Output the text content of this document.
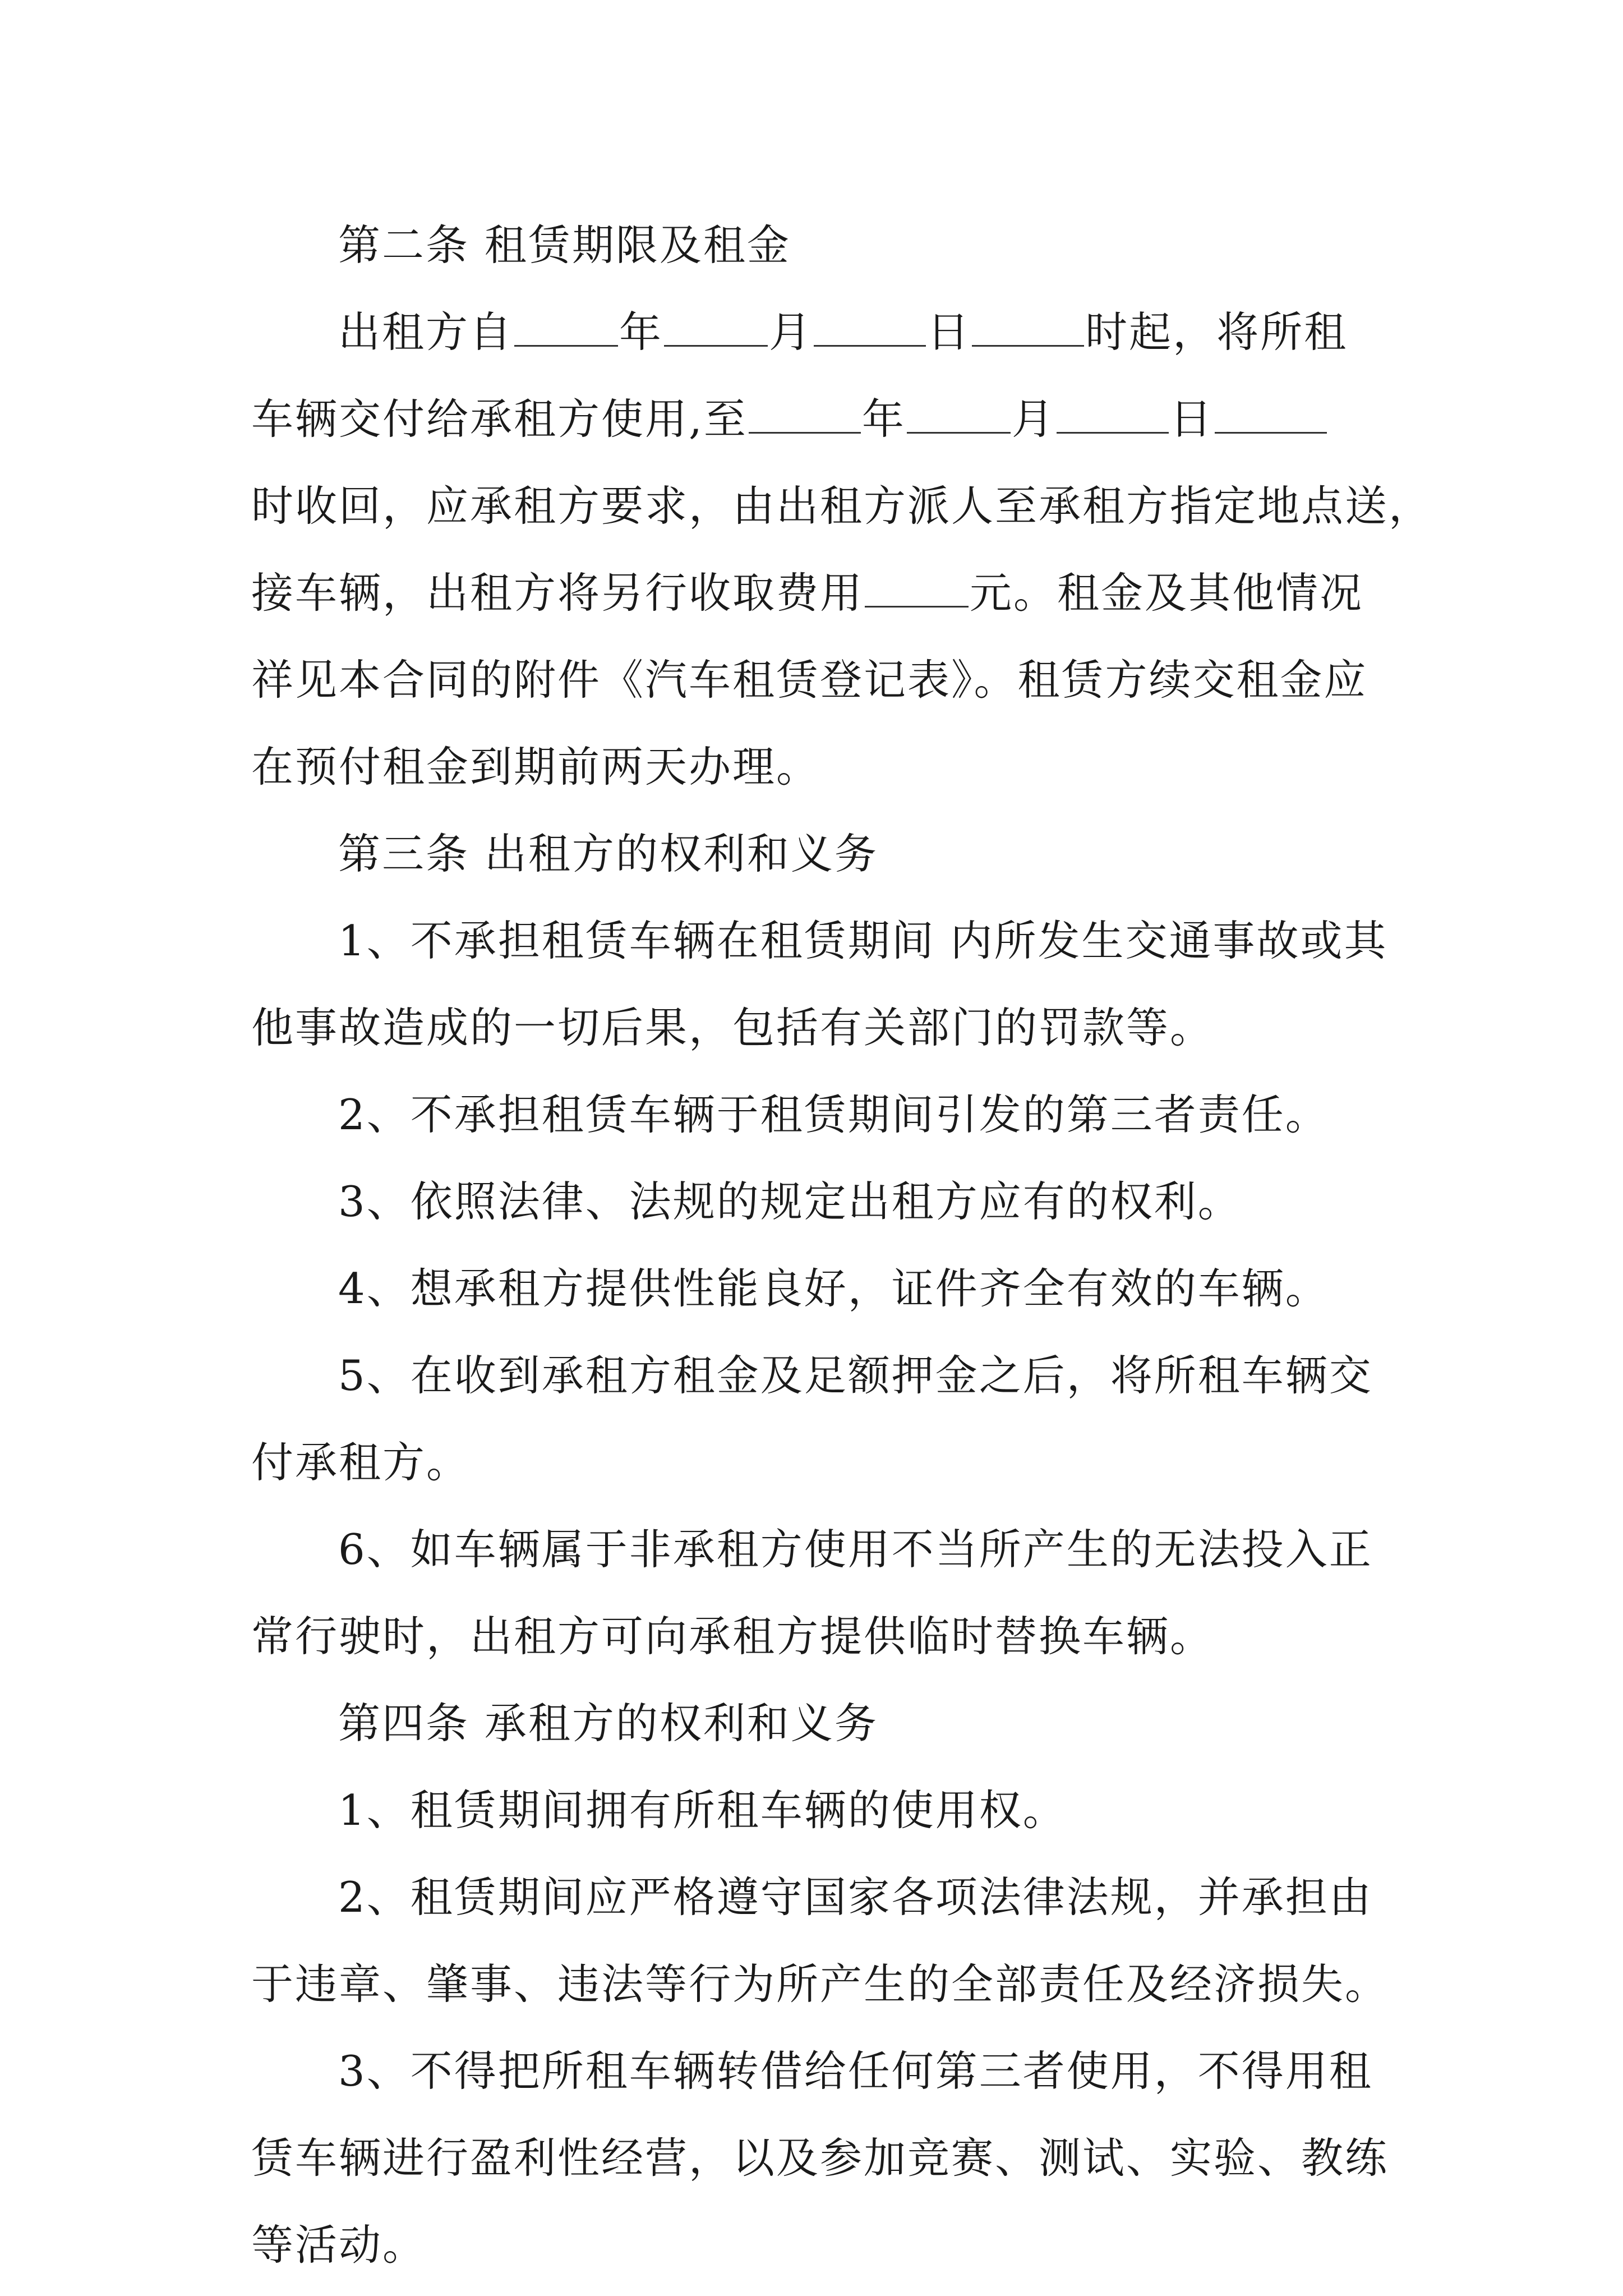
第二条 租赁期限及租金
出租方自	年	月	日	时起，将所租
车辆交付给承租方使用,至	年	月	日
时收回，应承租方要求，由出租方派人至承租方指定地点送，
接车辆，出租方将另行收取费用	元。租金及其他情况
祥见本合同的附件《汽车租赁登记表》。租赁方续交租金应
在预付租金到期前两天办理。
第三条 出租方的权利和义务
1、不承担租赁车辆在租赁期间 内所发生交通事故或其
他事故造成的一切后果，包括有关部门的罚款等。
2、不承担租赁车辆于租赁期间引发的第三者责任。
3、依照法律、法规的规定出租方应有的权利。
4、想承租方提供性能良好，证件齐全有效的车辆。
5、在收到承租方租金及足额押金之后，将所租车辆交
付承租方。
6、如车辆属于非承租方使用不当所产生的无法投入正
常行驶时，出租方可向承租方提供临时替换车辆。
第四条 承租方的权利和义务
1、租赁期间拥有所租车辆的使用权。
2、租赁期间应严格遵守国家各项法律法规，并承担由
于违章、肇事、违法等行为所产生的全部责任及经济损失。
3、不得把所租车辆转借给任何第三者使用，不得用租
赁车辆进行盈利性经营，以及参加竞赛、测试、实验、教练
等活动。
